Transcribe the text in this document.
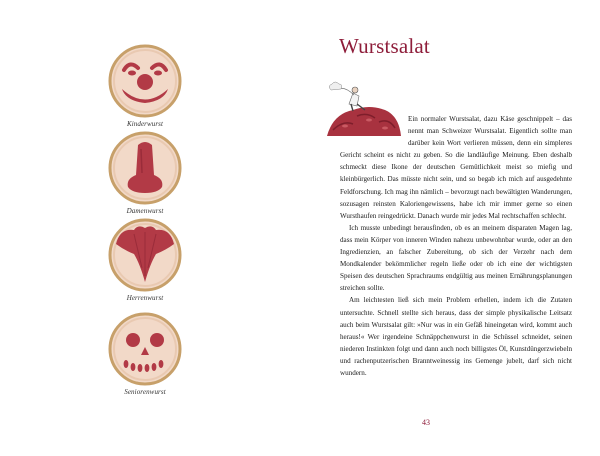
Kinderwurst
Damenwurst
Herrenwurst
Seniorenwurst
Wurstsalat

Ein normaler Wurstsalat, dazu Käse geschnippelt – das nennt man Schweizer Wurstsalat. Eigentlich sollte man darüber kein Wort verlieren müssen, denn ein simpleres Gericht scheint es nicht zu geben. So die landläufige Meinung. Eben deshalb schmeckt diese Ikone der deutschen Gemütlichkeit meist so miefig und kleinbürgerlich. Das müsste nicht sein, und so begab ich mich auf ausgedehnte Feldforschung. Ich mag ihn nämlich – bevorzugt nach bewältigten Wanderungen, sozusagen reinsten Kaloriengewissens, habe ich mir immer gerne so einen Wursthaufen reingedrückt. Danach wurde mir jedes Mal rechtschaffen schlecht.

Ich musste unbedingt herausfinden, ob es an meinem disparaten Magen lag, dass mein Körper von inneren Winden nahezu unbewohnbar wurde, oder an den Ingredienzien, an falscher Zubereitung, ob sich der Verzehr nach dem Mondkalender bekömmlicher regeln ließe oder ob ich eine der wichtigsten Speisen des deutschen Sprachraums endgültig aus meinen Ernährungsplanungen streichen sollte.

Am leichtesten ließ sich mein Problem erhellen, indem ich die Zutaten untersuchte. Schnell stellte sich heraus, dass der simple physikalische Leitsatz auch beim Wurstsalat gilt: »Nur was in ein Gefäß hineingetan wird, kommt auch heraus!« Wer irgendeine Schnäppchenwurst in die Schüssel schneidet, seinen niederen Instinkten folgt und dann auch noch billigstes Öl, Kunstdüngerzwiebeln und rachenputzerischen Branntweinessig ins Gemenge jubelt, darf sich nicht wundern.

43
